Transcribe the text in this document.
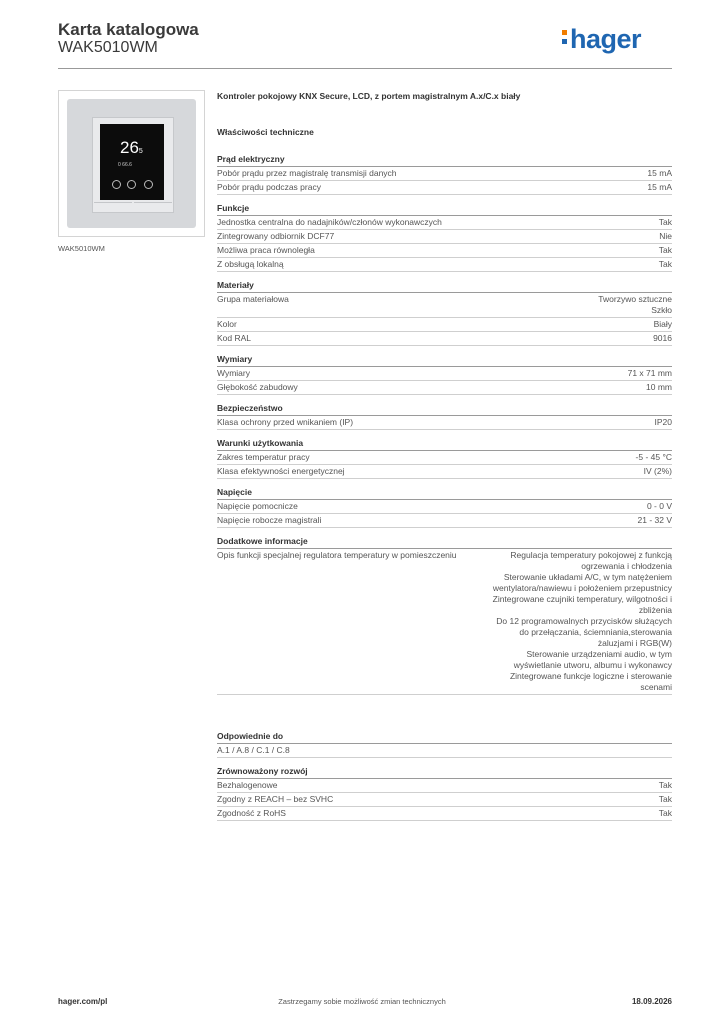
Karta katalogowa
WAK5010WM	hager
265
0 66.6
WAK5010WM
Kontroler pokojowy KNX Secure, LCD, z portem magistralnym A.x/C.x biały
Właściwości techniczne
Prąd elektryczny
Pobór prądu przez magistralę transmisji danych	15 mA
Pobór prądu podczas pracy	15 mA
Funkcje
Jednostka centralna do nadajników/członów wykonawczych	Tak
Zintegrowany odbiornik DCF77	Nie
Możliwa praca równoległa	Tak
Z obsługą lokalną	Tak
Materiały
Grupa materiałowa	Tworzywo sztuczne
Szkło
Kolor	Biały
Kod RAL	9016
Wymiary
Wymiary	71 x 71 mm
Głębokość zabudowy	10 mm
Bezpieczeństwo
Klasa ochrony przed wnikaniem (IP)	IP20
Warunki użytkowania
Zakres temperatur pracy	-5 - 45 °C
Klasa efektywności energetycznej	IV (2%)
Napięcie
Napięcie pomocnicze	0 - 0 V
Napięcie robocze magistrali	21 - 32 V
Dodatkowe informacje
Opis funkcji specjalnej regulatora temperatury w pomieszczeniu	Regulacja temperatury pokojowej z funkcją ogrzewania i chłodzenia
Sterowanie układami A/C, w tym natężeniem wentylatora/nawiewu i położeniem przepustnicy
Zintegrowane czujniki temperatury, wilgotności i zbliżenia
Do 12 programowalnych przycisków służących do przełączania, ściemniania,sterowania żaluzjami i RGB(W)
Sterowanie urządzeniami audio, w tym wyświetlanie utworu, albumu i wykonawcy
Zintegrowane funkcje logiczne i sterowanie scenami
Odpowiednie do
A.1 / A.8 / C.1 / C.8
Zrównoważony rozwój
Bezhalogenowe	Tak
Zgodny z REACH – bez SVHC	Tak
Zgodność z RoHS	Tak
hager.com/pl	Zastrzegamy sobie możliwość zmian technicznych	18.09.2026
